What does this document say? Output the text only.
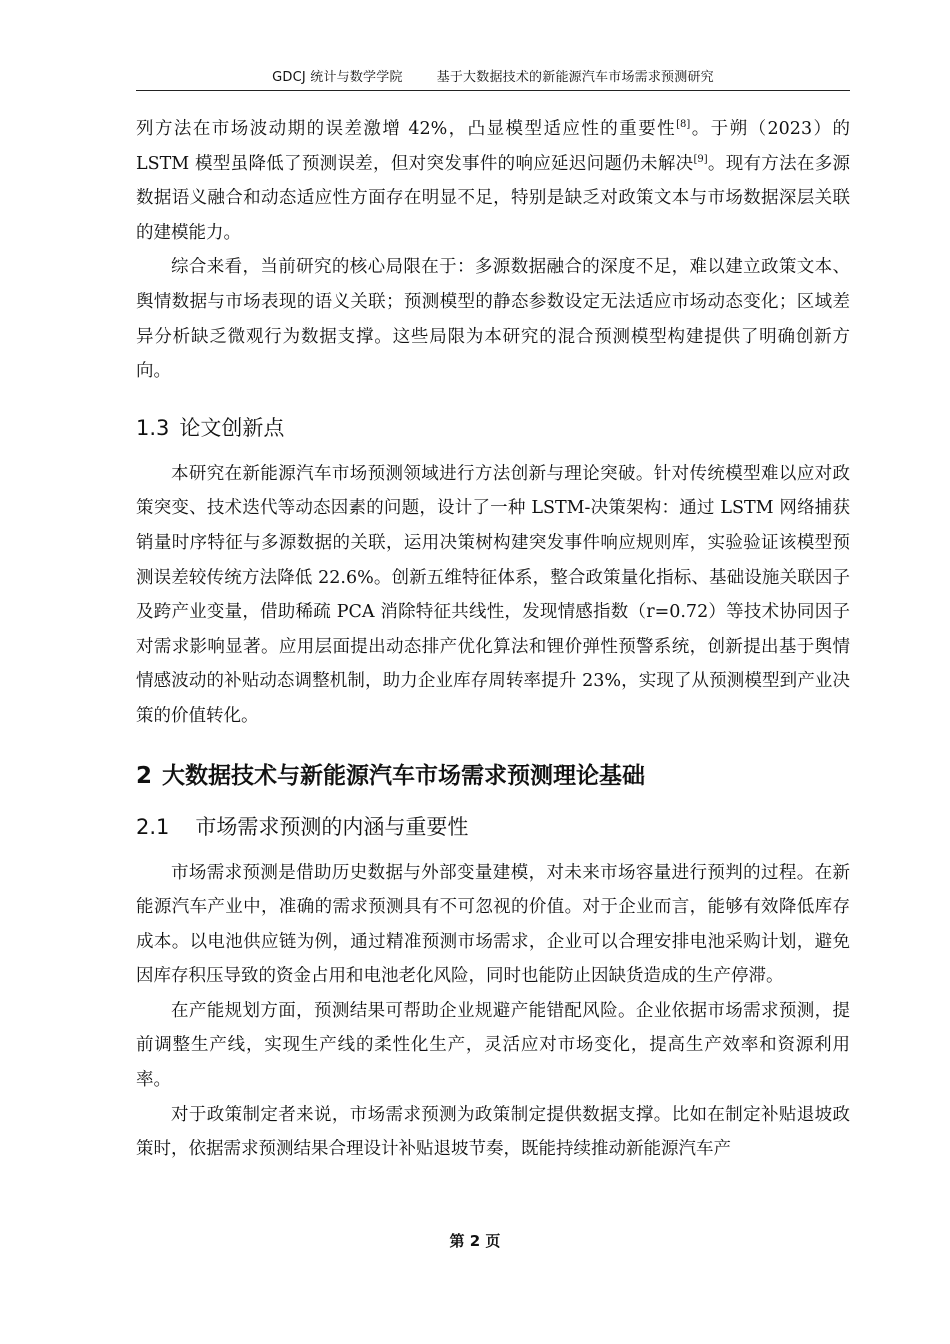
GDCJ 统计与数学学院	基于大数据技术的新能源汽车市场需求预测研究

列方法在市场波动期的误差激增 42%，凸显模型适应性的重要性[8]。于朔（2023）的 LSTM 模型虽降低了预测误差，但对突发事件的响应延迟问题仍未解决[9]。现有方法在多源数据语义融合和动态适应性方面存在明显不足，特别是缺乏对政策文本与市场数据深层关联的建模能力。

综合来看，当前研究的核心局限在于：多源数据融合的深度不足，难以建立政策文本、舆情数据与市场表现的语义关联；预测模型的静态参数设定无法适应市场动态变化；区域差异分析缺乏微观行为数据支撑。这些局限为本研究的混合预测模型构建提供了明确创新方向。

1.3 论文创新点

本研究在新能源汽车市场预测领域进行方法创新与理论突破。针对传统模型难以应对政策突变、技术迭代等动态因素的问题，设计了一种 LSTM-决策架构：通过 LSTM 网络捕获销量时序特征与多源数据的关联，运用决策树构建突发事件响应规则库，实验验证该模型预测误差较传统方法降低 22.6%。创新五维特征体系，整合政策量化指标、基础设施关联因子及跨产业变量，借助稀疏 PCA 消除特征共线性，发现情感指数（r=0.72）等技术协同因子对需求影响显著。应用层面提出动态排产优化算法和锂价弹性预警系统，创新提出基于舆情情感波动的补贴动态调整机制，助力企业库存周转率提升 23%，实现了从预测模型到产业决策的价值转化。

2 大数据技术与新能源汽车市场需求预测理论基础
2.1 市场需求预测的内涵与重要性

市场需求预测是借助历史数据与外部变量建模，对未来市场容量进行预判的过程。在新能源汽车产业中，准确的需求预测具有不可忽视的价值。对于企业而言，能够有效降低库存成本。以电池供应链为例，通过精准预测市场需求，企业可以合理安排电池采购计划，避免因库存积压导致的资金占用和电池老化风险，同时也能防止因缺货造成的生产停滞。

在产能规划方面，预测结果可帮助企业规避产能错配风险。企业依据市场需求预测，提前调整生产线，实现生产线的柔性化生产，灵活应对市场变化，提高生产效率和资源利用率。

对于政策制定者来说，市场需求预测为政策制定提供数据支撑。比如在制定补贴退坡政策时，依据需求预测结果合理设计补贴退坡节奏，既能持续推动新能源汽车产

第 2 页
